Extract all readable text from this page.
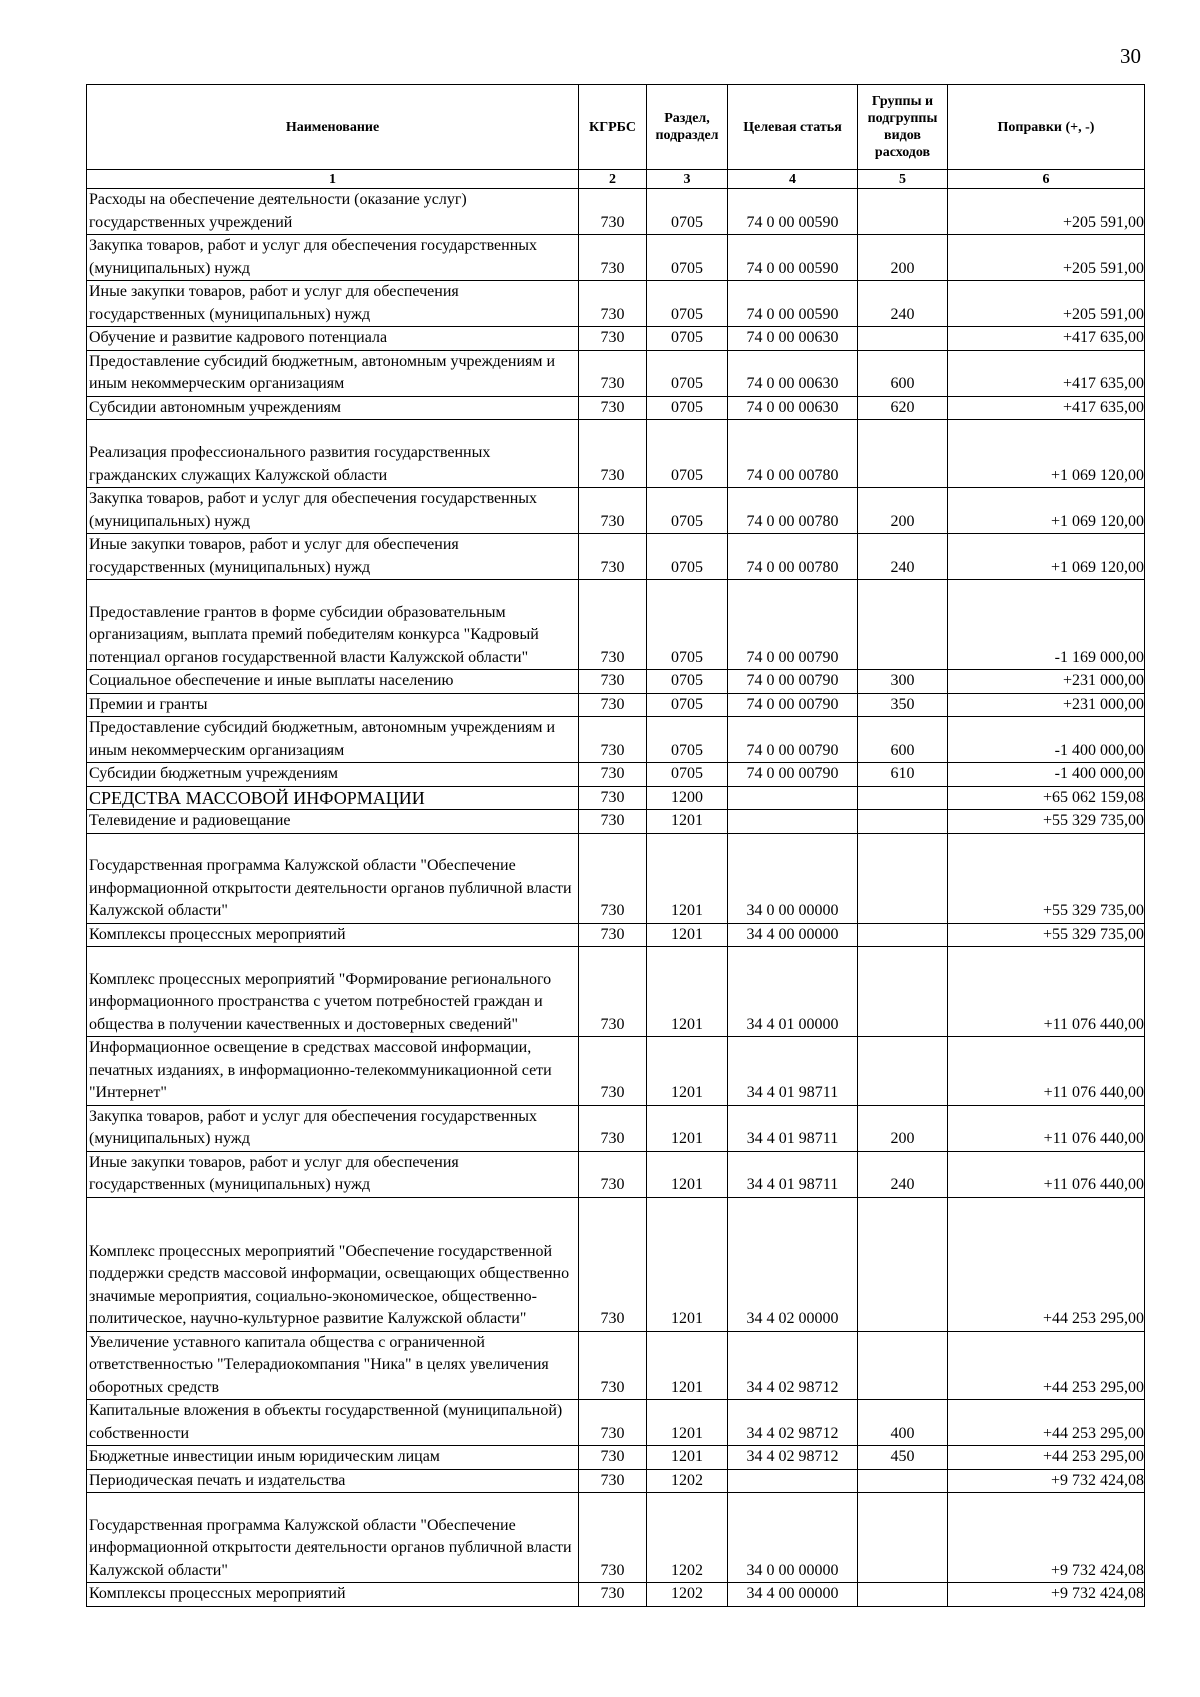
30
Наименование	КГРБС	Раздел, подраздел	Целевая статья	Группы и подгруппы видов расходов	Поправки (+, -)
1	2	3	4	5	6
Расходы на обеспечение деятельности (оказание услуг) государственных учреждений	730	0705	74 0 00 00590		+205 591,00
Закупка товаров, работ и услуг для обеспечения государственных (муниципальных) нужд	730	0705	74 0 00 00590	200	+205 591,00
Иные закупки товаров, работ и услуг для обеспечения государственных (муниципальных) нужд	730	0705	74 0 00 00590	240	+205 591,00
Обучение и развитие кадрового потенциала	730	0705	74 0 00 00630		+417 635,00
Предоставление субсидий бюджетным, автономным учреждениям и иным некоммерческим организациям	730	0705	74 0 00 00630	600	+417 635,00
Субсидии автономным учреждениям	730	0705	74 0 00 00630	620	+417 635,00
Реализация профессионального развития государственных гражданских служащих Калужской области	730	0705	74 0 00 00780		+1 069 120,00
Закупка товаров, работ и услуг для обеспечения государственных (муниципальных) нужд	730	0705	74 0 00 00780	200	+1 069 120,00
Иные закупки товаров, работ и услуг для обеспечения государственных (муниципальных) нужд	730	0705	74 0 00 00780	240	+1 069 120,00
Предоставление грантов в форме субсидии образовательным организациям, выплата премий победителям конкурса "Кадровый потенциал органов государственной власти Калужской области"	730	0705	74 0 00 00790		-1 169 000,00
Социальное обеспечение и иные выплаты населению	730	0705	74 0 00 00790	300	+231 000,00
Премии и гранты	730	0705	74 0 00 00790	350	+231 000,00
Предоставление субсидий бюджетным, автономным учреждениям и иным некоммерческим организациям	730	0705	74 0 00 00790	600	-1 400 000,00
Субсидии бюджетным учреждениям	730	0705	74 0 00 00790	610	-1 400 000,00
СРЕДСТВА МАССОВОЙ ИНФОРМАЦИИ	730	1200			+65 062 159,08
Телевидение и радиовещание	730	1201			+55 329 735,00
Государственная программа Калужской области "Обеспечение информационной открытости деятельности органов публичной власти Калужской области"	730	1201	34 0 00 00000		+55 329 735,00
Комплексы процессных мероприятий	730	1201	34 4 00 00000		+55 329 735,00
Комплекс процессных мероприятий "Формирование регионального информационного пространства с учетом потребностей граждан и общества в получении качественных и достоверных сведений"	730	1201	34 4 01 00000		+11 076 440,00
Информационное освещение в средствах массовой информации, печатных изданиях, в информационно-телекоммуникационной сети "Интернет"	730	1201	34 4 01 98711		+11 076 440,00
Закупка товаров, работ и услуг для обеспечения государственных (муниципальных) нужд	730	1201	34 4 01 98711	200	+11 076 440,00
Иные закупки товаров, работ и услуг для обеспечения государственных (муниципальных) нужд	730	1201	34 4 01 98711	240	+11 076 440,00
Комплекс процессных мероприятий "Обеспечение государственной поддержки средств массовой информации, освещающих общественно значимые мероприятия, социально-экономическое, общественно-политическое, научно-культурное развитие Калужской области"	730	1201	34 4 02 00000		+44 253 295,00
Увеличение уставного капитала общества с ограниченной ответственностью "Телерадиокомпания "Ника" в целях увеличения оборотных средств	730	1201	34 4 02 98712		+44 253 295,00
Капитальные вложения в объекты государственной (муниципальной) собственности	730	1201	34 4 02 98712	400	+44 253 295,00
Бюджетные инвестиции иным юридическим лицам	730	1201	34 4 02 98712	450	+44 253 295,00
Периодическая печать и издательства	730	1202			+9 732 424,08
Государственная программа Калужской области "Обеспечение информационной открытости деятельности органов публичной власти Калужской области"	730	1202	34 0 00 00000		+9 732 424,08
Комплексы процессных мероприятий	730	1202	34 4 00 00000		+9 732 424,08
